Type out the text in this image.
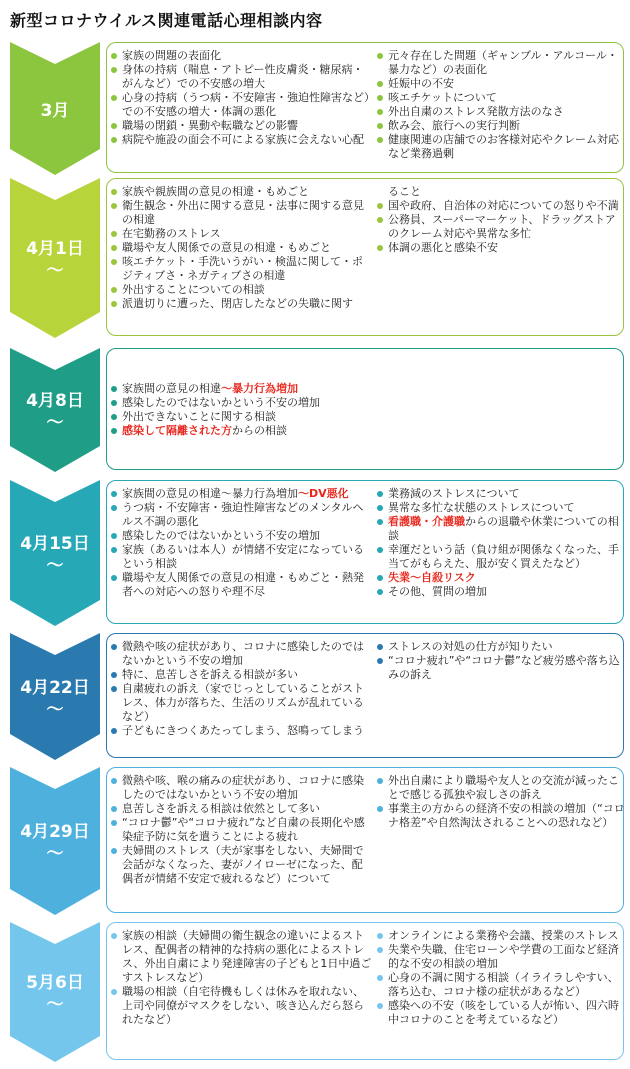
新型コロナウイルス関連電話心理相談内容
3月
家族の問題の表面化
身体の持病（喘息・アトピー性皮膚炎・糖尿病・がんなど）での不安感の増大
心身の持病（うつ病・不安障害・強迫性障害など）での不安感の増大・体調の悪化
職場の閉鎖・異動や転職などの影響
病院や施設の面会不可による家族に会えない心配
元々存在した問題（ギャンブル・アルコール・暴力など）の表面化
妊娠中の不安
咳エチケットについて
外出自粛のストレス発散方法のなさ
飲み会、旅行への実行判断
健康関連の店舗でのお客様対応やクレーム対応など業務過剰
4月1日
〜
家族や親族間の意見の相違・もめごと
衛生観念・外出に関する意見・法事に関する意見の相違
在宅勤務のストレス
職場や友人関係での意見の相違・もめごと
咳エチケット・手洗いうがい・検温に関して・ポジティブさ・ネガティブさの相違
外出することについての相談
派遣切りに遭った、閉店したなどの失職に関す
ること
国や政府、自治体の対応についての怒りや不満
公務員、スーパーマーケット、ドラッグストアのクレーム対応や異常な多忙
体調の悪化と感染不安
4月8日
〜
家族間の意見の相違〜暴力行為増加
感染したのではないかという不安の増加
外出できないことに関する相談
感染して隔離された方からの相談
4月15日
〜
家族間の意見の相違〜暴力行為増加〜DV悪化
うつ病・不安障害・強迫性障害などのメンタルヘルス不調の悪化
感染したのではないかという不安の増加
家族（あるいは本人）が情緒不安定になっているという相談
職場や友人関係での意見の相違・もめごと・熱発者への対応への怒りや理不尽
業務減のストレスについて
異常な多忙な状態のストレスについて
看護職・介護職からの退職や休業についての相談
幸運だという話（負け組が関係なくなった、手当てがもらえた、服が安く買えたなど）
失業〜自殺リスク
その他、質問の増加
4月22日
〜
微熱や咳の症状があり、コロナに感染したのではないかという不安の増加
特に、息苦しさを訴える相談が多い
自粛疲れの訴え（家でじっとしていることがストレス、体力が落ちた、生活のリズムが乱れているなど）
子どもにきつくあたってしまう、怒鳴ってしまう
ストレスの対処の仕方が知りたい
“コロナ疲れ”や“コロナ鬱”など疲労感や落ち込みの訴え
4月29日
〜
微熱や咳、喉の痛みの症状があり、コロナに感染したのではないかという不安の増加
息苦しさを訴える相談は依然として多い
“コロナ鬱”や“コロナ疲れ”など自粛の長期化や感染症予防に気を遣うことによる疲れ
夫婦間のストレス（夫が家事をしない、夫婦間で会話がなくなった、妻がノイローゼになった、配偶者が情緒不安定で疲れるなど）について
外出自粛により職場や友人との交流が減ったことで感じる孤独や寂しさの訴え
事業主の方からの経済不安の相談の増加（“コロナ格差”や自然淘汰されることへの恐れなど）
5月6日
〜
家族の相談（夫婦間の衛生観念の違いによるストレス、配偶者の精神的な持病の悪化によるストレス、外出自粛により発達障害の子どもと1日中過ごすストレスなど）
職場の相談（自宅待機もしくは休みを取れない、上司や同僚がマスクをしない、咳き込んだら怒られたなど）
オンラインによる業務や会議、授業のストレス
失業や失職、住宅ローンや学費の工面など経済的な不安の相談の増加
心身の不調に関する相談（イライラしやすい、落ち込む、コロナ様の症状があるなど）
感染への不安（咳をしている人が怖い、四六時中コロナのことを考えているなど）
